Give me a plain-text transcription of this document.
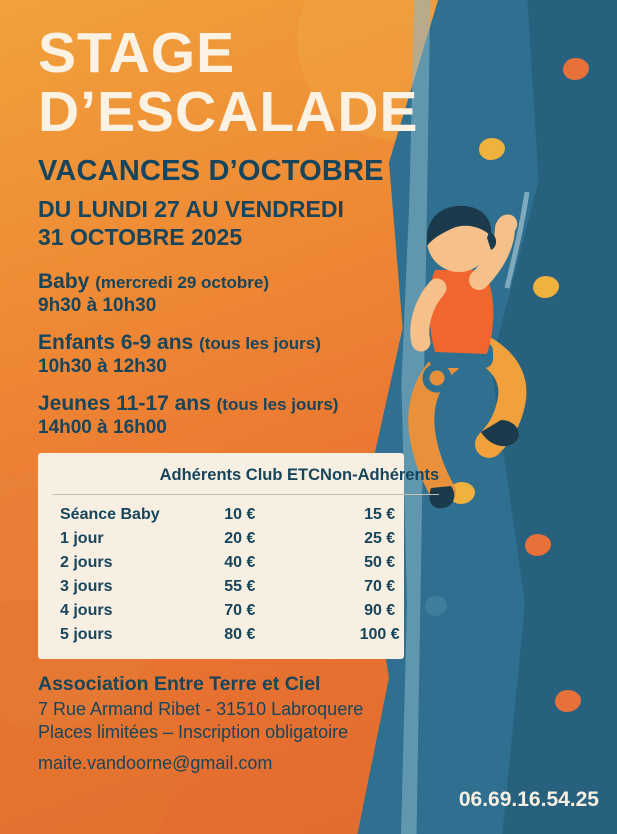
STAGE
D’ESCALADE
VACANCES D’OCTOBRE
DU LUNDI 27 AU VENDREDI
31 OCTOBRE 2025
Baby (mercredi 29 octobre)
9h30 à 10h30
Enfants 6-9 ans (tous les jours)
10h30 à 12h30
Jeunes 11-17 ans (tous les jours)
14h00 à 16h00
	Adhérents Club ETC	Non-Adhérents

Séance Baby	10 €	15 €
1 jour	20 €	25 €
2 jours	40 €	50 €
3 jours	55 €	70 €
4 jours	70 €	90 €
5 jours	80 €	100 €
Association Entre Terre et Ciel
7 Rue Armand Ribet - 31510 Labroquere
Places limitées – Inscription obligatoire
maite.vandoorne@gmail.com
06.69.16.54.25
